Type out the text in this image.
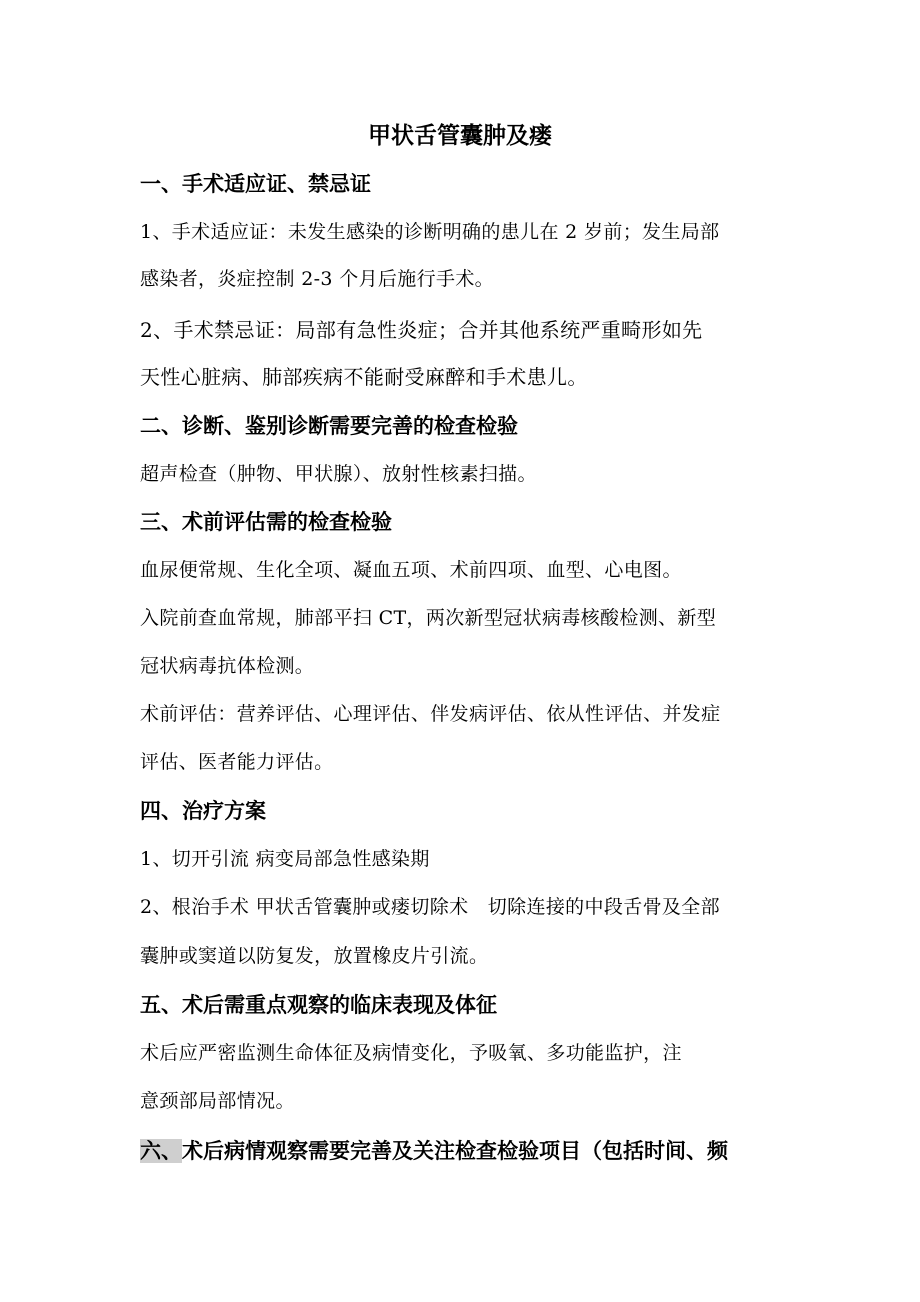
甲状舌管囊肿及瘘
一、手术适应证、禁忌证
1、手术适应证：未发生感染的诊断明确的患儿在 2 岁前；发生局部
感染者，炎症控制 2-3 个月后施行手术。
2、手术禁忌证：局部有急性炎症；合并其他系统严重畸形如先
天性心脏病、肺部疾病不能耐受麻醉和手术患儿。
二、诊断、鉴别诊断需要完善的检查检验
超声检查（肿物、甲状腺）、放射性核素扫描。
三、术前评估需的检查检验
血尿便常规、生化全项、凝血五项、术前四项、血型、心电图。
入院前查血常规，肺部平扫 CT，两次新型冠状病毒核酸检测、新型
冠状病毒抗体检测。
术前评估：营养评估、心理评估、伴发病评估、依从性评估、并发症
评估、医者能力评估。
四、治疗方案
1、切开引流 病变局部急性感染期
2、根治手术 甲状舌管囊肿或瘘切除术　切除连接的中段舌骨及全部
囊肿或窦道以防复发，放置橡皮片引流。
五、术后需重点观察的临床表现及体征
术后应严密监测生命体征及病情变化，予吸氧、多功能监护，注
意颈部局部情况。
六、术后病情观察需要完善及关注检查检验项目（包括时间、频
